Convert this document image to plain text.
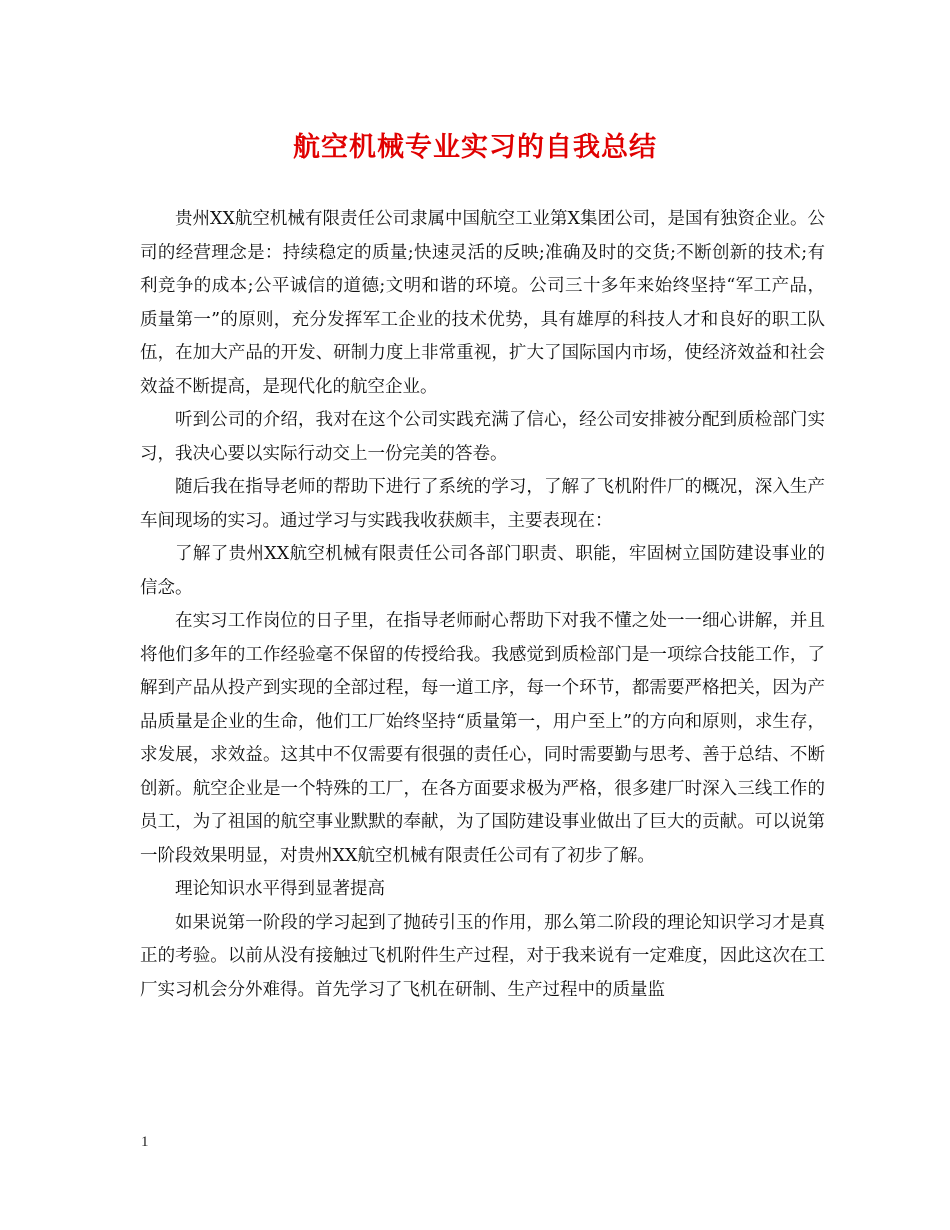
航空机械专业实习的自我总结

贵州XX航空机械有限责任公司隶属中国航空工业第X集团公司，是国有独资企业。公司的经营理念是：持续稳定的质量;快速灵活的反映;准确及时的交货;不断创新的技术;有利竞争的成本;公平诚信的道德;文明和谐的环境。公司三十多年来始终坚持“军工产品，质量第一”的原则，充分发挥军工企业的技术优势，具有雄厚的科技人才和良好的职工队伍，在加大产品的开发、研制力度上非常重视，扩大了国际国内市场，使经济效益和社会效益不断提高，是现代化的航空企业。

听到公司的介绍，我对在这个公司实践充满了信心，经公司安排被分配到质检部门实习，我决心要以实际行动交上一份完美的答卷。

随后我在指导老师的帮助下进行了系统的学习，了解了飞机附件厂的概况，深入生产车间现场的实习。通过学习与实践我收获颇丰，主要表现在：

了解了贵州XX航空机械有限责任公司各部门职责、职能，牢固树立国防建设事业的信念。

在实习工作岗位的日子里，在指导老师耐心帮助下对我不懂之处一一细心讲解，并且将他们多年的工作经验毫不保留的传授给我。我感觉到质检部门是一项综合技能工作，了解到产品从投产到实现的全部过程，每一道工序，每一个环节，都需要严格把关，因为产品质量是企业的生命，他们工厂始终坚持“质量第一，用户至上”的方向和原则，求生存，求发展，求效益。这其中不仅需要有很强的责任心，同时需要勤与思考、善于总结、不断创新。航空企业是一个特殊的工厂，在各方面要求极为严格，很多建厂时深入三线工作的员工，为了祖国的航空事业默默的奉献，为了国防建设事业做出了巨大的贡献。可以说第一阶段效果明显，对贵州XX航空机械有限责任公司有了初步了解。

理论知识水平得到显著提高

如果说第一阶段的学习起到了抛砖引玉的作用，那么第二阶段的理论知识学习才是真正的考验。以前从没有接触过飞机附件生产过程，对于我来说有一定难度，因此这次在工厂实习机会分外难得。首先学习了飞机在研制、生产过程中的质量监

1
